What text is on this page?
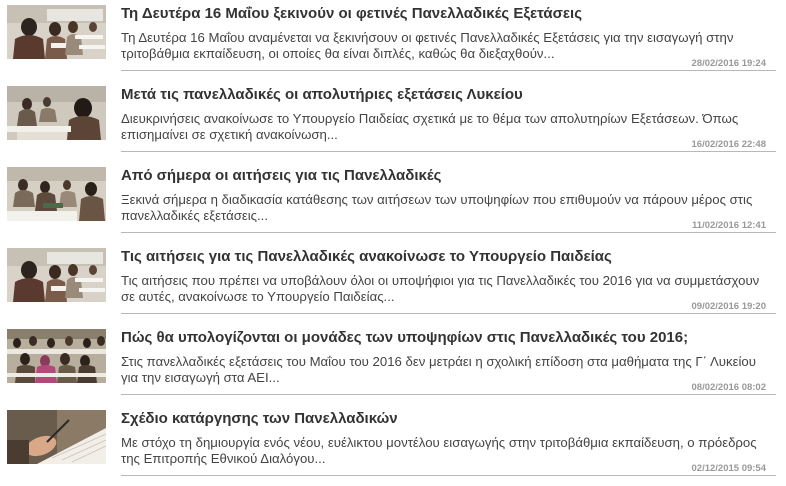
Τη Δευτέρα 16 Μαΐου ξεκινούν οι φετινές Πανελλαδικές Εξετάσεις
Τη Δευτέρα 16 Μαΐου αναμένεται να ξεκινήσουν οι φετινές Πανελλαδικές Εξετάσεις για την εισαγωγή στην τριτοβάθμια εκπαίδευση, οι οποίες θα είναι διπλές, καθώς θα διεξαχθούν...
28/02/2016 19:24
Μετά τις πανελλαδικές οι απολυτήριες εξετάσεις Λυκείου
Διευκρινήσεις ανακοίνωσε το Υπουργείο Παιδείας σχετικά με το θέμα των απολυτηρίων Εξετάσεων. Όπως επισημαίνει σε σχετική ανακοίνωση...
16/02/2016 22:48
Από σήμερα οι αιτήσεις για τις Πανελλαδικές
Ξεκινά σήμερα η διαδικασία κατάθεσης των αιτήσεων των υποψηφίων που επιθυμούν να πάρουν μέρος στις πανελλαδικές εξετάσεις...
11/02/2016 12:41
Τις αιτήσεις για τις Πανελλαδικές ανακοίνωσε το Υπουργείο Παιδείας
Τις αιτήσεις που πρέπει να υποβάλουν όλοι οι υποψήφιοι για τις Πανελλαδικές του 2016 για να συμμετάσχουν σε αυτές, ανακοίνωσε το Υπουργείο Παιδείας...
09/02/2016 19:20
Πώς θα υπολογίζονται οι μονάδες των υποψηφίων στις Πανελλαδικές του 2016;
Στις πανελλαδικές εξετάσεις του Μαΐου του 2016 δεν μετράει η σχολική επίδοση στα μαθήματα της Γ΄ Λυκείου για την εισαγωγή στα ΑΕΙ...
08/02/2016 08:02
Σχέδιο κατάργησης των Πανελλαδικών
Με στόχο τη δημιουργία ενός νέου, ευέλικτου μοντέλου εισαγωγής στην τριτοβάθμια εκπαίδευση, ο πρόεδρος της Επιτροπής Εθνικού Διαλόγου...
02/12/2015 09:54
